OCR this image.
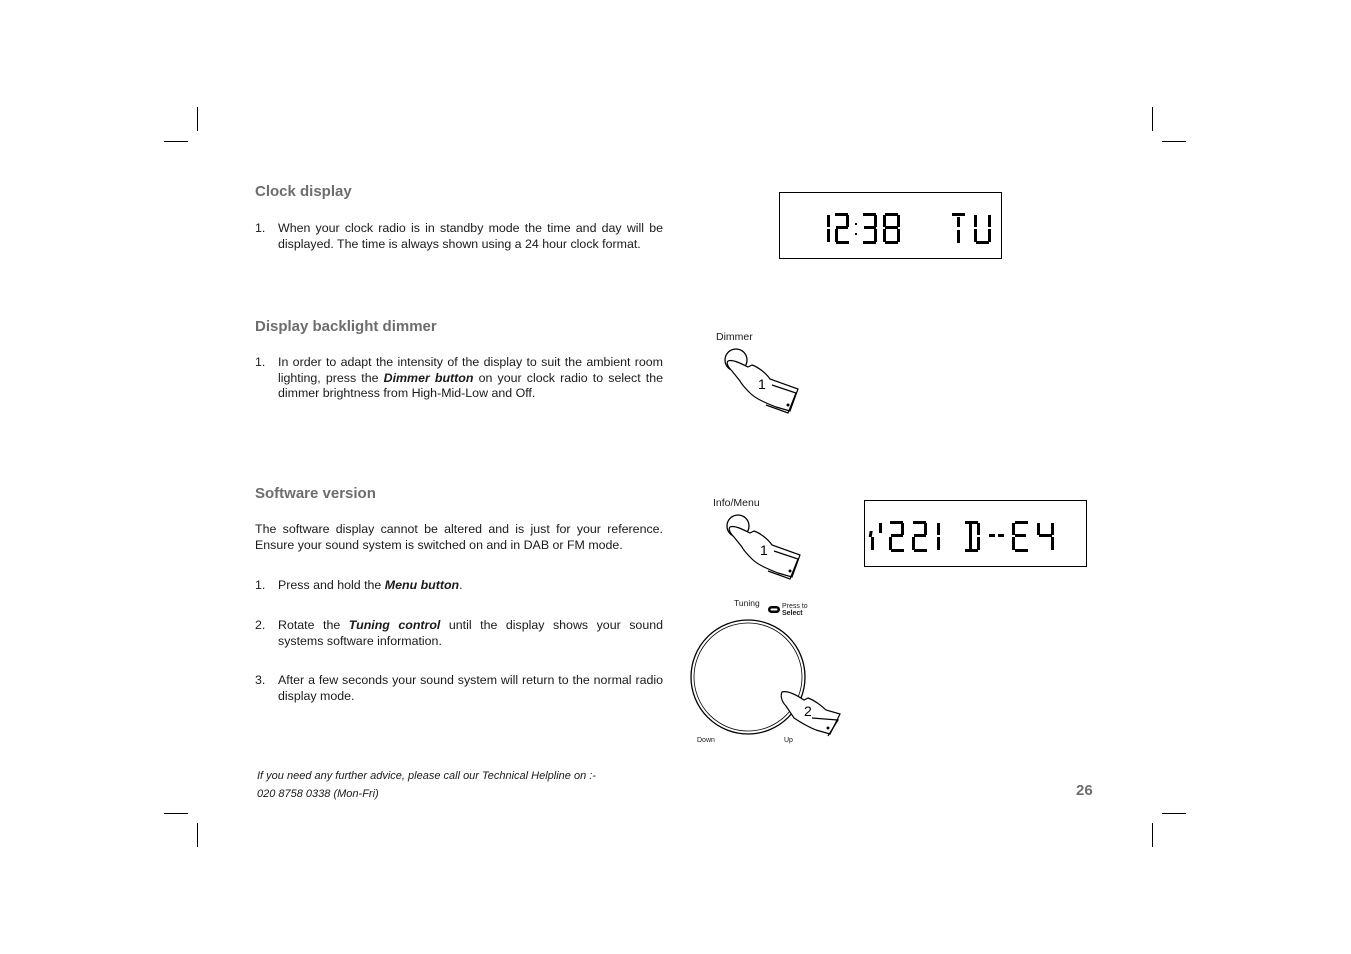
Clock display
1. When your clock radio is in standby mode the time and day will be displayed. The time is always shown using a 24 hour clock format.
Display backlight dimmer
1. In order to adapt the intensity of the display to suit the ambient room lighting, press the Dimmer button on your clock radio to select the dimmer brightness from High-Mid-Low and Off.
Dimmer
1
Software version
The software display cannot be altered and is just for your reference. Ensure your sound system is switched on and in DAB or FM mode.
1. Press and hold the Menu button.
2. Rotate the Tuning control until the display shows your sound systems software information.
3. After a few seconds your sound system will return to the normal radio display mode.
Info/Menu
1
Tuning	Press to
Select
2
Down	Up
If you need any further advice, please call our Technical Helpline on :-
020 8758 0338 (Mon-Fri)	26
